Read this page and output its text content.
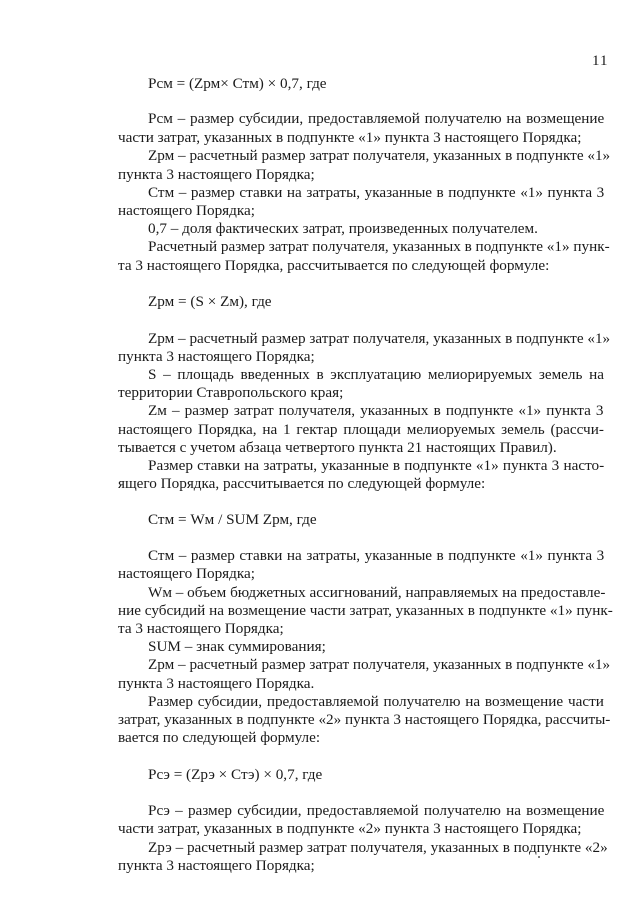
11
Рсм = (Zрм× Стм) × 0,7, где
Рсм – размер субсидии, предоставляемой получателю на возмещение
части затрат, указанных в подпункте «1» пункта 3 настоящего Порядка;
Zрм – расчетный размер затрат получателя, указанных в подпункте «1»
пункта 3 настоящего Порядка;
Стм – размер ставки на затраты, указанные в подпункте «1» пункта 3
настоящего Порядка;
0,7 – доля фактических затрат, произведенных получателем.
Расчетный размер затрат получателя, указанных в подпункте «1» пунк-
та 3 настоящего Порядка, рассчитывается по следующей формуле:
Zрм = (S × Zм), где
Zрм – расчетный размер затрат получателя, указанных в подпункте «1»
пункта 3 настоящего Порядка;
S – площадь введенных в эксплуатацию мелиорируемых земель на
территории Ставропольского края;
Zм – размер затрат получателя, указанных в подпункте «1» пункта 3
настоящего Порядка, на 1 гектар площади мелиоруемых земель (рассчи-
тывается с учетом абзаца четвертого пункта 21 настоящих Правил).
Размер ставки на затраты, указанные в подпункте «1» пункта 3 насто-
ящего Порядка, рассчитывается по следующей формуле:
Стм = Wм / SUM Zрм, где
Стм – размер ставки на затраты, указанные в подпункте «1» пункта 3
настоящего Порядка;
Wм – объем бюджетных ассигнований, направляемых на предоставле-
ние субсидий на возмещение части затрат, указанных в подпункте «1» пунк-
та 3 настоящего Порядка;
SUM – знак суммирования;
Zрм – расчетный размер затрат получателя, указанных в подпункте «1»
пункта 3 настоящего Порядка.
Размер субсидии, предоставляемой получателю на возмещение части
затрат, указанных в подпункте «2» пункта 3 настоящего Порядка, рассчиты-
вается по следующей формуле:
Рсэ = (Zрэ × Стэ) × 0,7, где
Рсэ – размер субсидии, предоставляемой получателю на возмещение
части затрат, указанных в подпункте «2» пункта 3 настоящего Порядка;
Zрэ – расчетный размер затрат получателя, указанных в подпункте «2»
пункта 3 настоящего Порядка;
